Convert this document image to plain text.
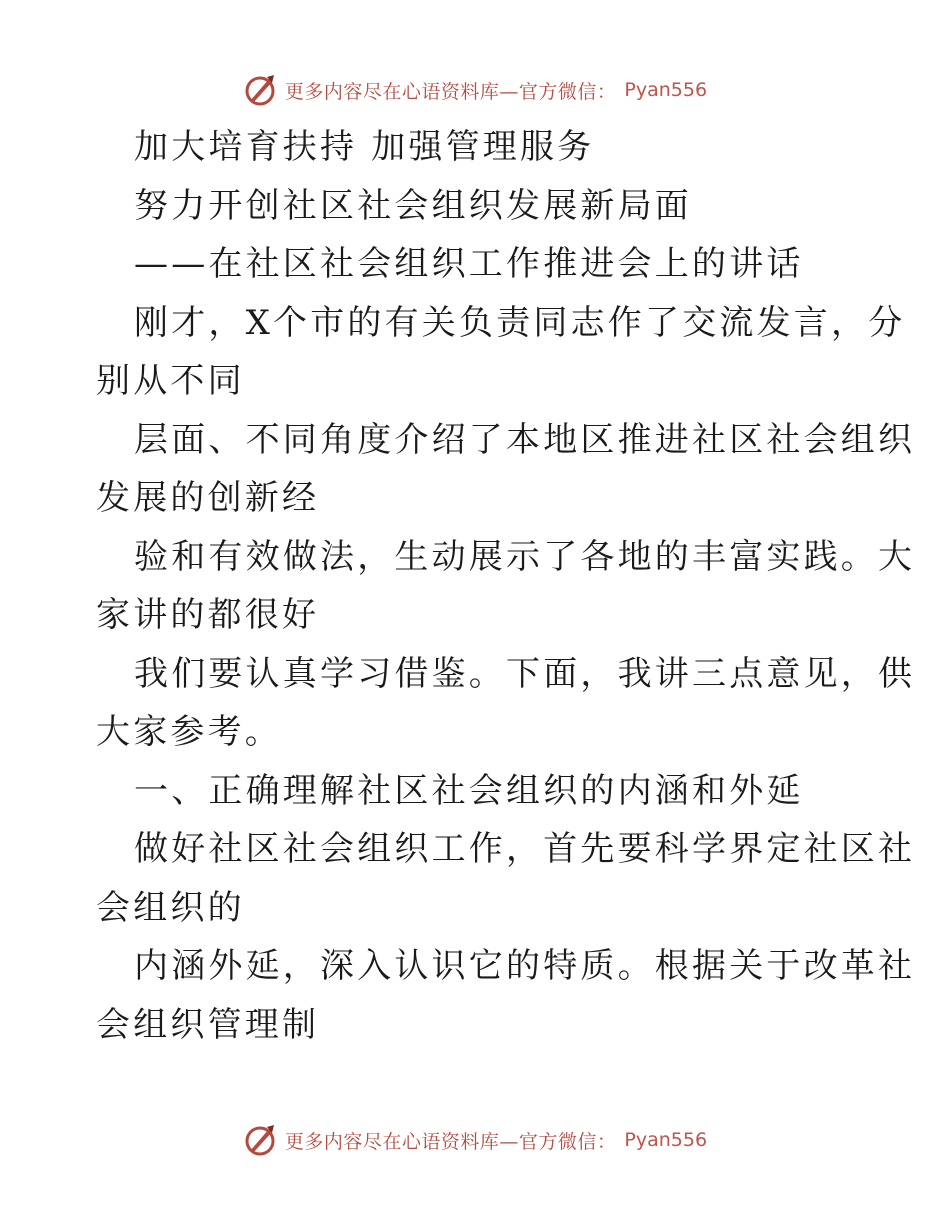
更多内容尽在心语资料库—官方微信： Pyan556
加大培育扶持 加强管理服务
努力开创社区社会组织发展新局面
——在社区社会组织工作推进会上的讲话
刚才，X个市的有关负责同志作了交流发言，分
别从不同
层面、不同角度介绍了本地区推进社区社会组织
发展的创新经
验和有效做法，生动展示了各地的丰富实践。大
家讲的都很好
我们要认真学习借鉴。下面，我讲三点意见，供
大家参考。
一、正确理解社区社会组织的内涵和外延
做好社区社会组织工作，首先要科学界定社区社
会组织的
内涵外延，深入认识它的特质。根据关于改革社
会组织管理制
更多内容尽在心语资料库—官方微信： Pyan556
